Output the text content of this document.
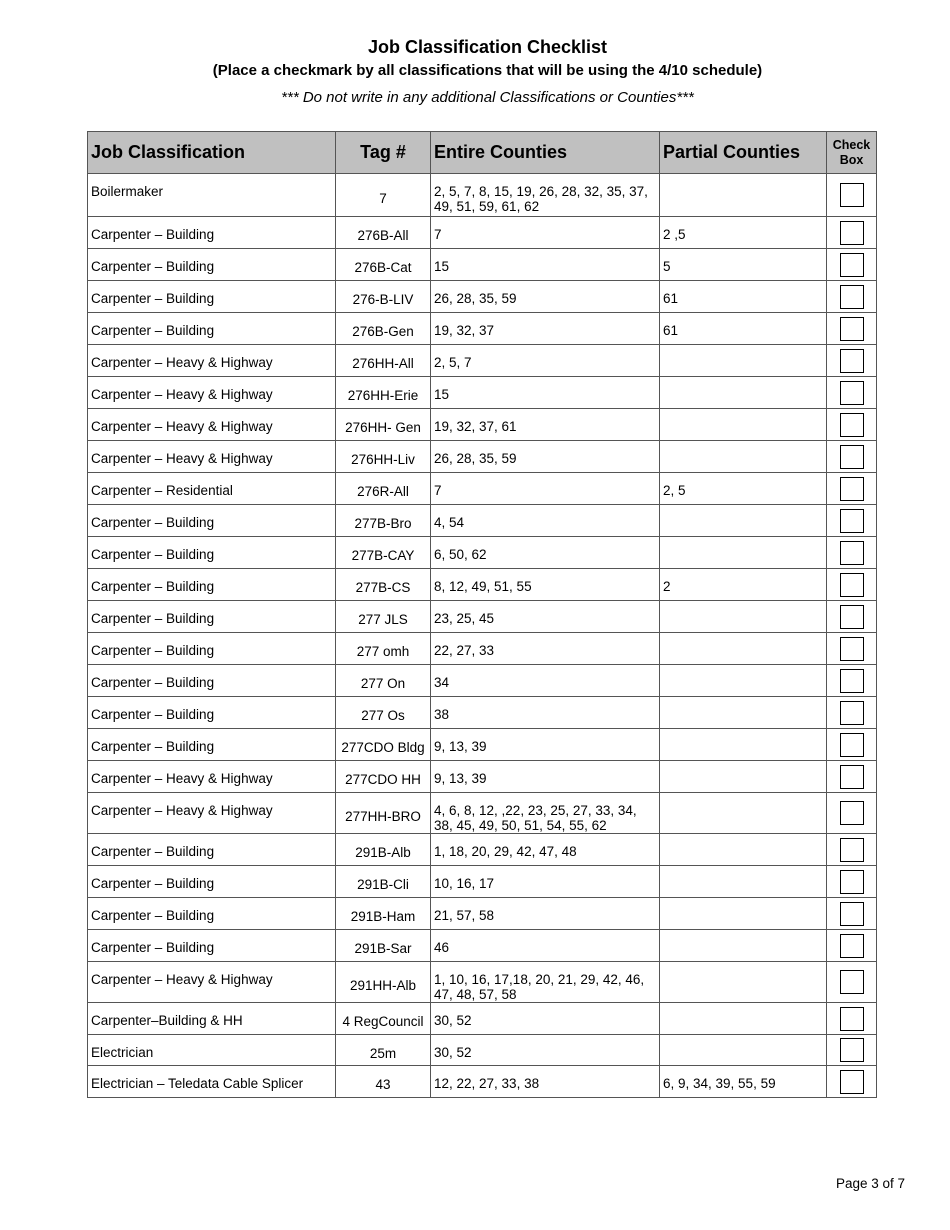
Job Classification Checklist
(Place a checkmark by all classifications that will be using the 4/10 schedule)
*** Do not write in any additional Classifications or Counties***
Job Classification	Tag #	Entire Counties	Partial Counties	Check Box
Boilermaker	7	2, 5, 7, 8, 15, 19, 26, 28, 32, 35, 37, 49, 51, 59, 61, 62		
Carpenter – Building	276B-All	7	2 ,5	
Carpenter – Building	276B-Cat	15	5	
Carpenter – Building	276-B-LIV	26, 28, 35, 59	61	
Carpenter – Building	276B-Gen	19, 32, 37	61	
Carpenter – Heavy & Highway	276HH-All	2, 5, 7		
Carpenter – Heavy & Highway	276HH-Erie	15		
Carpenter – Heavy & Highway	276HH- Gen	19, 32, 37, 61		
Carpenter – Heavy & Highway	276HH-Liv	26, 28, 35, 59		
Carpenter – Residential	276R-All	7	2, 5	
Carpenter – Building	277B-Bro	4, 54		
Carpenter – Building	277B-CAY	6, 50, 62		
Carpenter – Building	277B-CS	8, 12, 49, 51, 55	2	
Carpenter – Building	277 JLS	23, 25, 45		
Carpenter – Building	277 omh	22, 27, 33		
Carpenter – Building	277 On	34		
Carpenter – Building	277 Os	38		
Carpenter – Building	277CDO Bldg	9, 13, 39		
Carpenter – Heavy & Highway	277CDO HH	9, 13, 39		
Carpenter – Heavy & Highway	277HH-BRO	4, 6, 8, 12, ,22, 23, 25, 27, 33, 34, 38, 45, 49, 50, 51, 54, 55, 62		
Carpenter – Building	291B-Alb	1, 18, 20, 29, 42, 47, 48		
Carpenter – Building	291B-Cli	10, 16, 17		
Carpenter – Building	291B-Ham	21, 57, 58		
Carpenter – Building	291B-Sar	46		
Carpenter – Heavy & Highway	291HH-Alb	1, 10, 16, 17,18, 20, 21, 29, 42, 46, 47, 48, 57, 58		
Carpenter–Building & HH	4 RegCouncil	30, 52		
Electrician	25m	30, 52		
Electrician – Teledata Cable Splicer	43	12, 22, 27, 33, 38	6, 9, 34, 39, 55, 59	
Page 3 of 7
